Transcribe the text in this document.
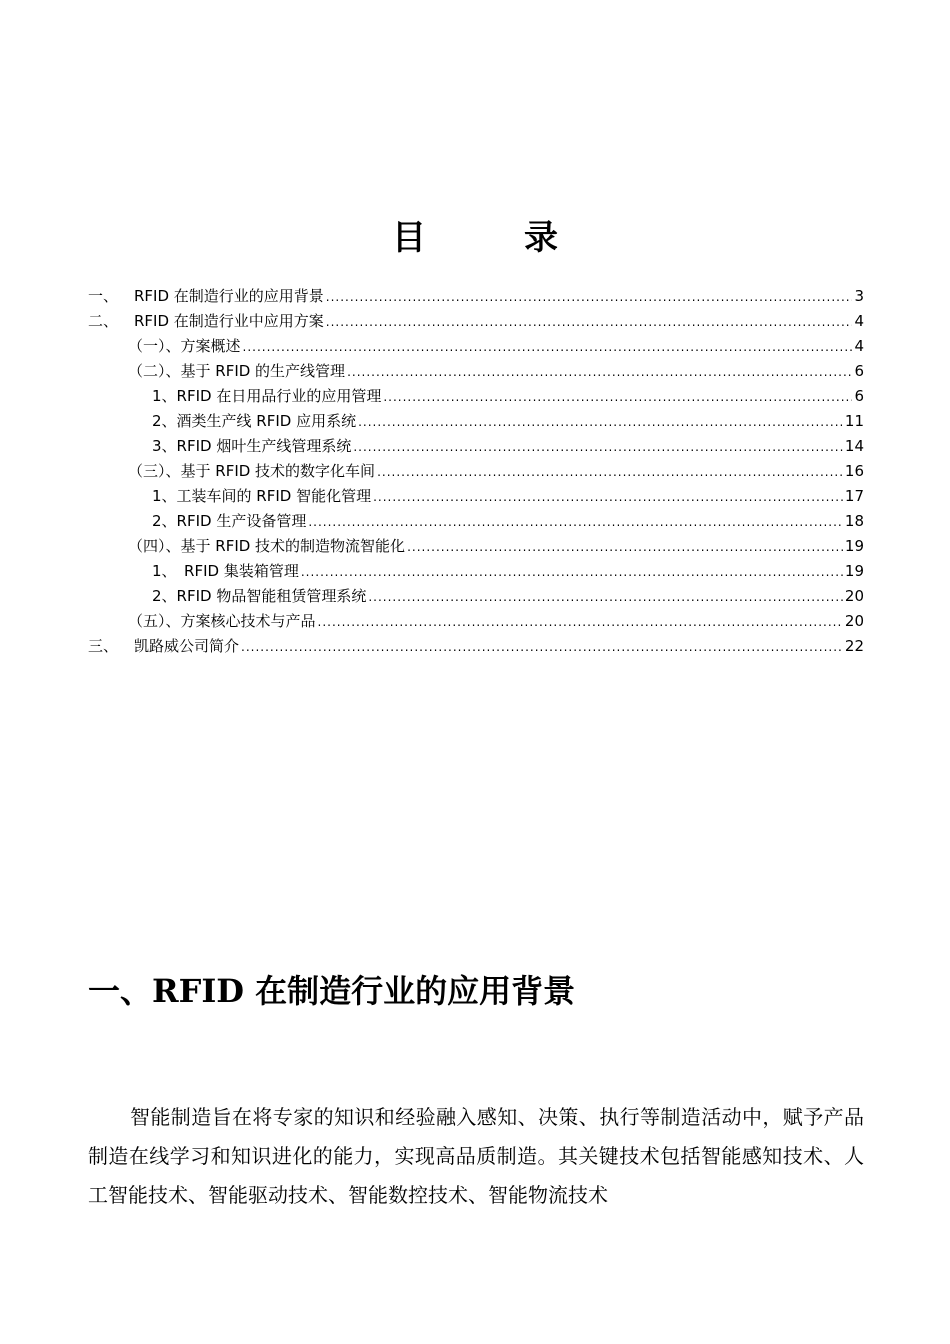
目　录
一、 RFID 在制造行业的应用背景 .....	3
二、 RFID 在制造行业中应用方案 .....	4
（一）、方案概述 .....	4
（二）、基于 RFID 的生产线管理 .....	6
1、RFID 在日用品行业的应用管理 .....	6
2、酒类生产线 RFID 应用系统 .....	11
3、RFID 烟叶生产线管理系统 .....	14
（三）、基于 RFID 技术的数字化车间 .....	16
1、工装车间的 RFID 智能化管理 .....	17
2、RFID 生产设备管理 .....	18
（四）、基于 RFID 技术的制造物流智能化 .....	19
1、　RFID 集装箱管理 .....	19
2、RFID 物品智能租赁管理系统 .....	20
（五）、方案核心技术与产品 .....	20
三、 凯路威公司简介 .....	22
一、RFID 在制造行业的应用背景
智能制造旨在将专家的知识和经验融入感知、决策、执行等制造活动中，赋予产品制造在线学习和知识进化的能力，实现高品质制造。其关键技术包括智能感知技术、人工智能技术、智能驱动技术、智能数控技术、智能物流技术
